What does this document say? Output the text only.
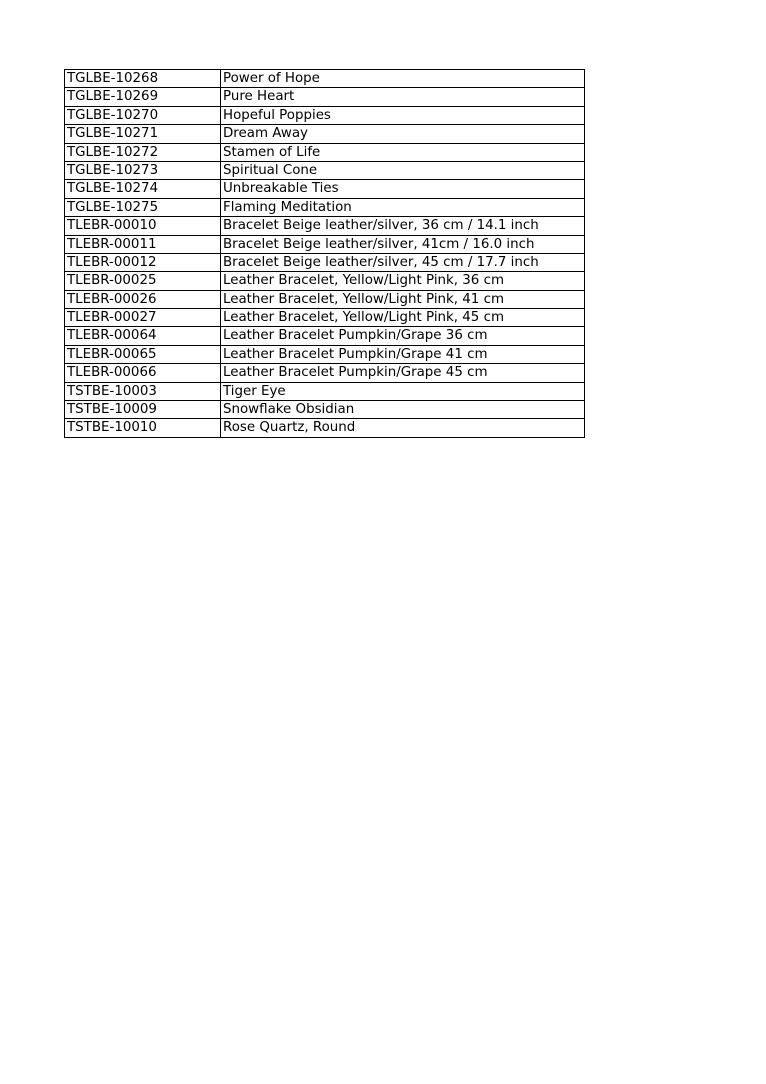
TGLBE-10268	Power of Hope
TGLBE-10269	Pure Heart
TGLBE-10270	Hopeful Poppies
TGLBE-10271	Dream Away
TGLBE-10272	Stamen of Life
TGLBE-10273	Spiritual Cone
TGLBE-10274	Unbreakable Ties
TGLBE-10275	Flaming Meditation
TLEBR-00010	Bracelet Beige leather/silver, 36 cm / 14.1 inch
TLEBR-00011	Bracelet Beige leather/silver, 41cm / 16.0 inch
TLEBR-00012	Bracelet Beige leather/silver, 45 cm / 17.7 inch
TLEBR-00025	Leather Bracelet, Yellow/Light Pink, 36 cm
TLEBR-00026	Leather Bracelet, Yellow/Light Pink, 41 cm
TLEBR-00027	Leather Bracelet, Yellow/Light Pink, 45 cm
TLEBR-00064	Leather Bracelet Pumpkin/Grape 36 cm
TLEBR-00065	Leather Bracelet Pumpkin/Grape 41 cm
TLEBR-00066	Leather Bracelet Pumpkin/Grape 45 cm
TSTBE-10003	Tiger Eye
TSTBE-10009	Snowflake Obsidian
TSTBE-10010	Rose Quartz, Round
